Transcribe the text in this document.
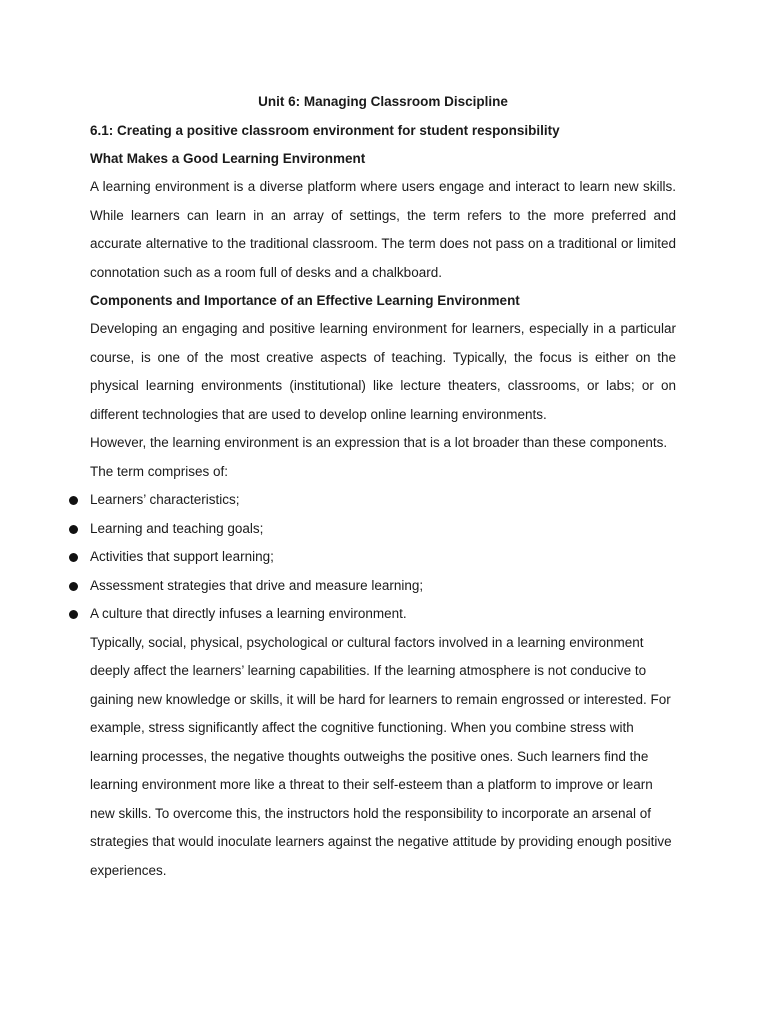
Unit 6: Managing Classroom Discipline
6.1: Creating a positive classroom environment for student responsibility
What Makes a Good Learning Environment

A learning environment is a diverse platform where users engage and interact to learn new skills. While learners can learn in an array of settings, the term refers to the more preferred and accurate alternative to the traditional classroom. The term does not pass on a traditional or limited connotation such as a room full of desks and a chalkboard.

Components and Importance of an Effective Learning Environment

Developing an engaging and positive learning environment for learners, especially in a particular course, is one of the most creative aspects of teaching. Typically, the focus is either on the physical learning environments (institutional) like lecture theaters, classrooms, or labs; or on different technologies that are used to develop online learning environments.

However, the learning environment is an expression that is a lot broader than these components. The term comprises of:

Learners’ characteristics;
Learning and teaching goals;
Activities that support learning;
Assessment strategies that drive and measure learning;
A culture that directly infuses a learning environment.

Typically, social, physical, psychological or cultural factors involved in a learning environment deeply affect the learners’ learning capabilities. If the learning atmosphere is not conducive to gaining new knowledge or skills, it will be hard for learners to remain engrossed or interested. For example, stress significantly affect the cognitive functioning. When you combine stress with learning processes, the negative thoughts outweighs the positive ones. Such learners find the learning environment more like a threat to their self-esteem than a platform to improve or learn new skills. To overcome this, the instructors hold the responsibility to incorporate an arsenal of strategies that would inoculate learners against the negative attitude by providing enough positive experiences.
